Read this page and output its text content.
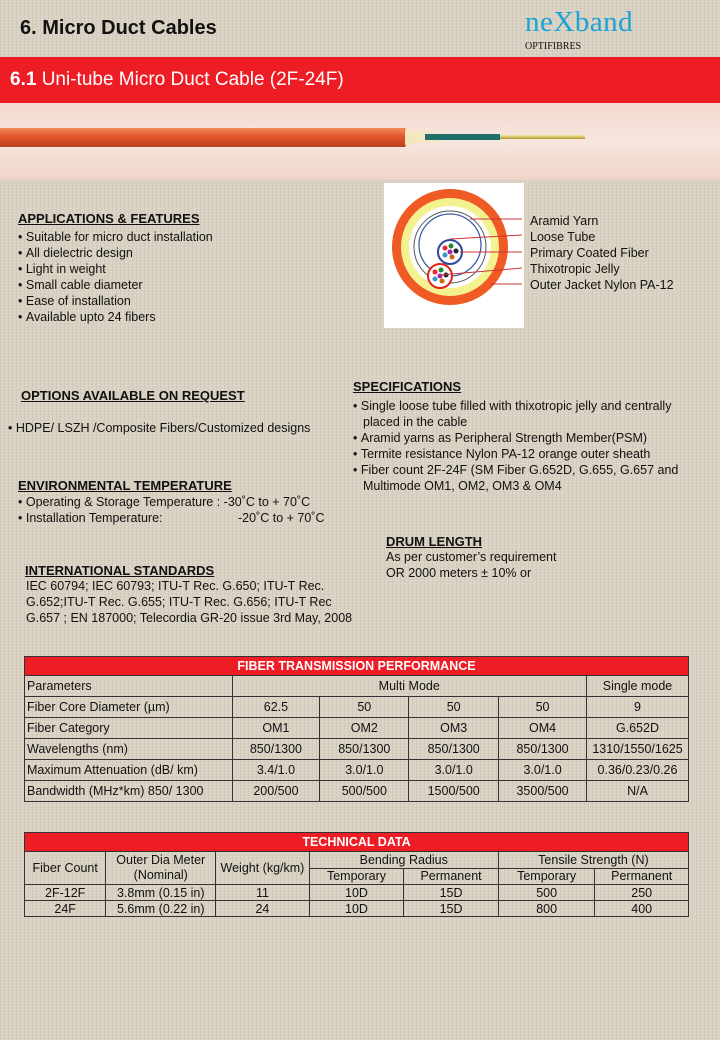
6. Micro Duct Cables	neXband
OPTIFIBRES
6.1 Uni-tube Micro Duct Cable (2F-24F)
Aramid Yarn
Loose Tube
Primary Coated Fiber
Thixotropic Jelly
Outer Jacket Nylon PA-12
APPLICATIONS & FEATURES
• Suitable for micro duct installation
• All dielectric design
• Light in weight
• Small cable diameter
• Ease of installation
• Available upto 24 fibers
OPTIONS AVAILABLE ON REQUEST
• HDPE/ LSZH /Composite Fibers/Customized designs
SPECIFICATIONS
• Single loose tube filled with thixotropic jelly and centrally placed in the cable
• Aramid yarns as Peripheral Strength Member(PSM)
• Termite resistance Nylon PA-12 orange outer sheath
• Fiber count 2F-24F (SM Fiber G.652D, G.655, G.657 and Multimode OM1, OM2, OM3 & OM4
ENVIRONMENTAL TEMPERATURE
• Operating & Storage Temperature : -30˚C to + 70˚C
• Installation Temperature:	-20˚C to + 70˚C
DRUM LENGTH
As per customer’s requirement
OR 2000 meters ± 10% or
INTERNATIONAL STANDARDS
IEC 60794; IEC 60793; ITU-T Rec. G.650; ITU-T Rec.
G.652;ITU-T Rec. G.655; ITU-T Rec. G.656; ITU-T Rec
G.657 ; EN 187000; Telecordia GR-20 issue 3rd May, 2008
FIBER TRANSMISSION PERFORMANCE					
Parameters	Multi Mode				Single mode
Fiber Core Diameter (µm)	62.5	50	50	50	9
Fiber Category	OM1	OM2	OM3	OM4	G.652D
Wavelengths (nm)	850/1300	850/1300	850/1300	850/1300	1310/1550/1625
Maximum Attenuation (dB/ km)	3.4/1.0	3.0/1.0	3.0/1.0	3.0/1.0	0.36/0.23/0.26
Bandwidth (MHz*km) 850/ 1300	200/500	500/500	1500/500	3500/500	N/A
TECHNICAL DATA						
Fiber Count	Outer Dia Meter (Nominal)	Weight (kg/km)	Bending Radius		Tensile Strength (N)	
			Temporary	Permanent	Temporary	Permanent
2F-12F	3.8mm (0.15 in)	11	10D	15D	500	250
24F	5.6mm (0.22 in)	24	10D	15D	800	400
